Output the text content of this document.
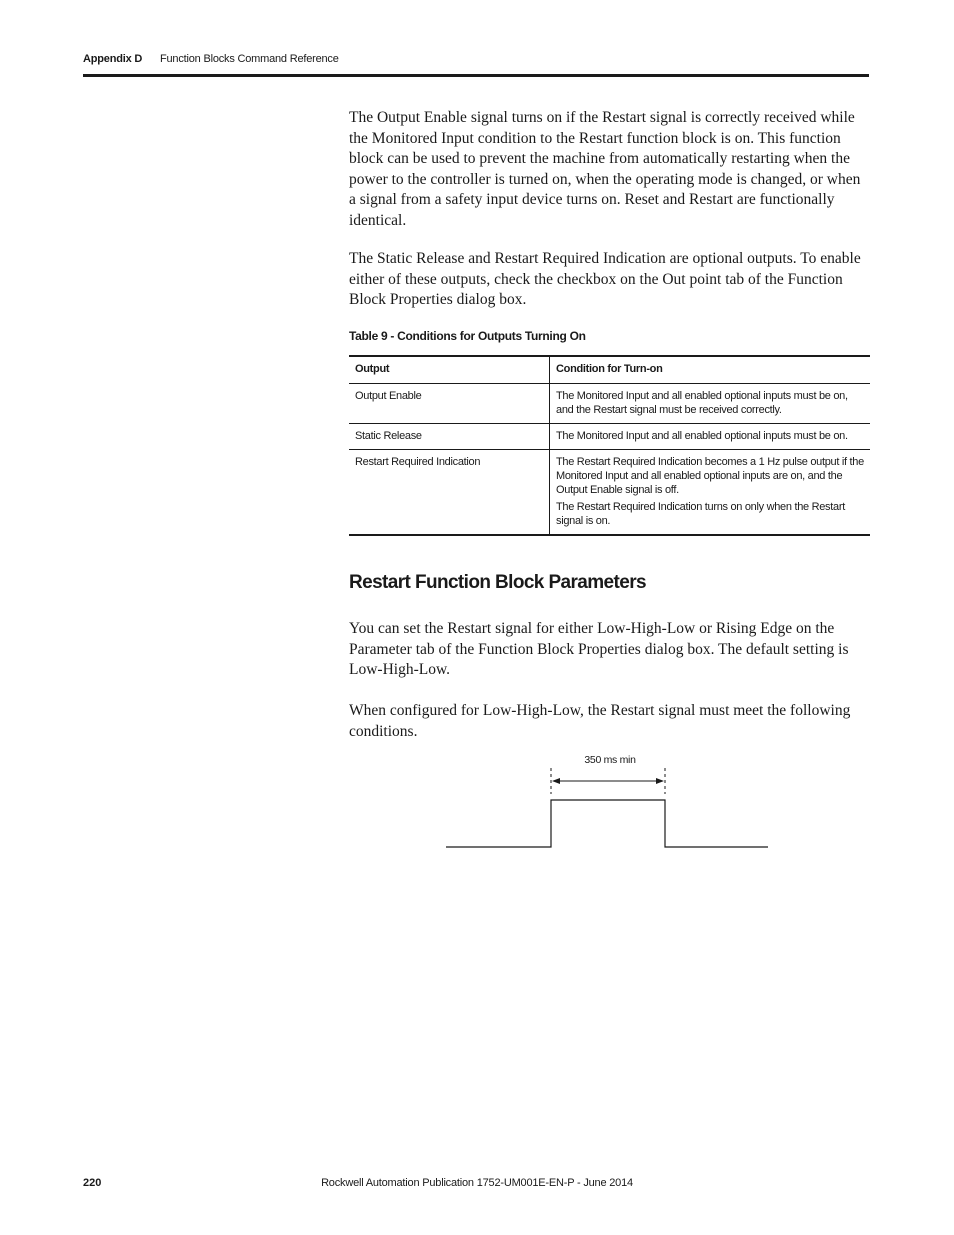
Appendix D Function Blocks Command Reference

The Output Enable signal turns on if the Restart signal is correctly received while the Monitored Input condition to the Restart function block is on. This function block can be used to prevent the machine from automatically restarting when the power to the controller is turned on, when the operating mode is changed, or when a signal from a safety input device turns on. Reset and Restart are functionally identical.

The Static Release and Restart Required Indication are optional outputs. To enable either of these outputs, check the checkbox on the Out point tab of the Function Block Properties dialog box.

Table 9 - Conditions for Outputs Turning On
Output	Condition for Turn-on
Output Enable	The Monitored Input and all enabled optional inputs must be on, and the Restart signal must be received correctly.

Static Release	The Monitored Input and all enabled optional inputs must be on.

Restart Required Indication	The Restart Required Indication becomes a 1 Hz pulse output if the Monitored Input and all enabled optional inputs are on, and the Output Enable signal is off.
The Restart Required Indication turns on only when the Restart signal is on.
Restart Function Block Parameters

You can set the Restart signal for either Low-High-Low or Rising Edge on the Parameter tab of the Function Block Properties dialog box. The default setting is Low-High-Low.

When configured for Low-High-Low, the Restart signal must meet the following conditions.

350 ms min
220	Rockwell Automation Publication 1752-UM001E-EN-P - June 2014
